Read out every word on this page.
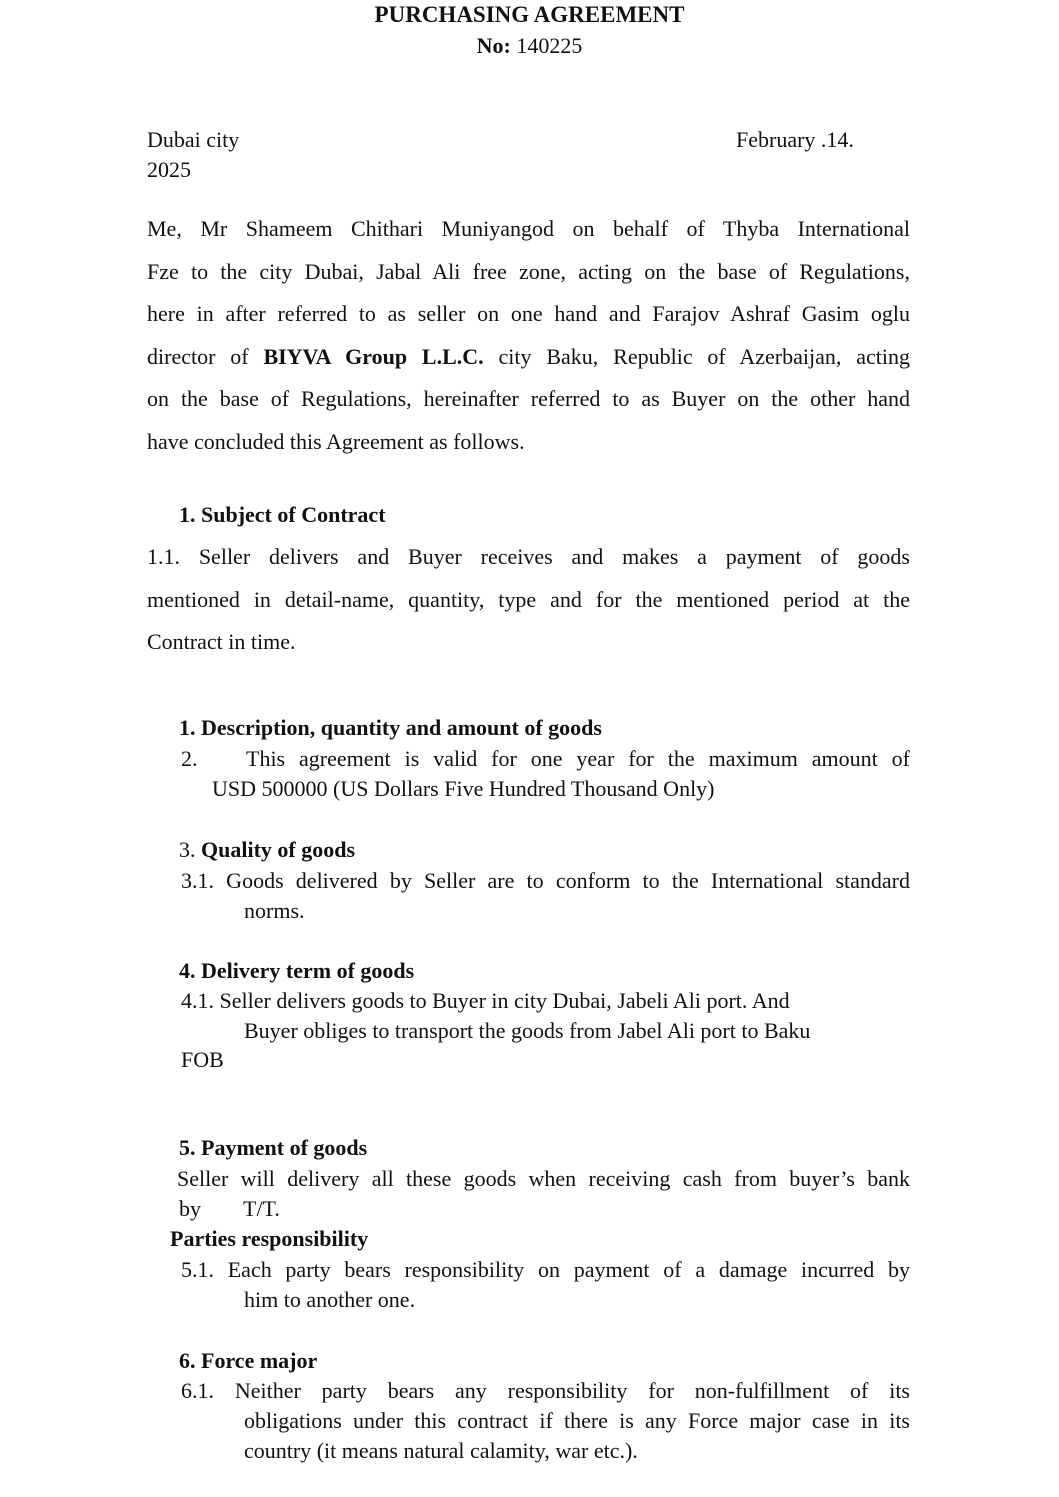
PURCHASING AGREEMENT
No: 140225
Dubai city	February .14.
2025
Me, Mr Shameem Chithari Muniyangod on behalf of Thyba International
Fze to the city Dubai, Jabal Ali free zone, acting on the base of Regulations,
here in after referred to as seller on one hand and Farajov Ashraf Gasim oglu
director of BIYVA Group L.L.C. city Baku, Republic of Azerbaijan, acting
on the base of Regulations, hereinafter referred to as Buyer on the other hand
have concluded this Agreement as follows.
1. Subject of Contract
1.1. Seller delivers and Buyer receives and makes a payment of goods
mentioned in detail-name, quantity, type and for the mentioned period at the
Contract in time.
1. Description, quantity and amount of goods
2. This agreement is valid for one year for the maximum amount of
USD 500000 (US Dollars Five Hundred Thousand Only)
3. Quality of goods
3.1. Goods delivered by Seller are to conform to the International standard
norms.
4. Delivery term of goods
4.1. Seller delivers goods to Buyer in city Dubai, Jabeli Ali port. And
Buyer obliges to transport the goods from Jabel Ali port to Baku
FOB
5. Payment of goods
Seller will delivery all these goods when receiving cash from buyer’s bank
by T/T.
Parties responsibility
5.1. Each party bears responsibility on payment of a damage incurred by
him to another one.
6. Force major
6.1. Neither party bears any responsibility for non-fulfillment of its
obligations under this contract if there is any Force major case in its
country (it means natural calamity, war etc.).
